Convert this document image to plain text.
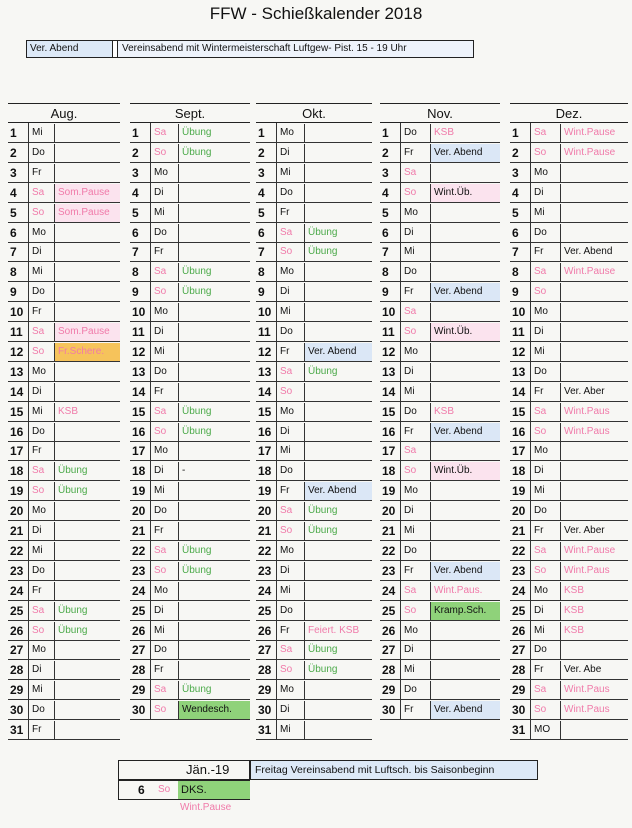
FFW - Schießkalender 2018
Ver. Abend	Vereinsabend mit Wintermeisterschaft Luftgew- Pist. 15 - 19 Uhr
Aug.
1	Mi
2	Do
3	Fr
4	Sa	Som.Pause
5	So	Som.Pause
6	Mo
7	Di
8	Mi
9	Do
10 Fr
11 Sa	Som.Pause
12 So	Fr.Schere.
13 Mo
14 Di
15 Mi	KSB
16 Do
17 Fr
18 Sa	Übung
19 So	Übung
20 Mo
21 Di
22 Mi
23 Do
24 Fr
25 Sa	Übung
26 So	Übung
27 Mo
28 Di
29 Mi
30 Do
31 Fr
Sept.
1	Sa	Übung
2	So	Übung
3	Mo
4	Di
5	Mi
6	Do
7	Fr
8	Sa	Übung
9	So	Übung
10 Mo
11 Di
12 Mi
13 Do
14 Fr
15 Sa	Übung
16 So	Übung
17 Mo
18 Di	-
19 Mi
20 Do
21 Fr
22 Sa	Übung
23 So	Übung
24 Mo
25 Di
26 Mi
27 Do
28 Fr
29 Sa	Übung
30 So	Wendesch.
Okt.
1	Mo
2	Di
3	Mi
4	Do
5	Fr
6	Sa	Übung
7	So	Übung
8	Mo
9	Di
10 Mi
11 Do
12 Fr	Ver. Abend
13 Sa	Übung
14 So
15 Mo
16 Di
17 Mi
18 Do
19 Fr	Ver. Abend
20 Sa	Übung
21 So	Übung
22 Mo
23 Di
24 Mi
25 Do
26 Fr	Feiert. KSB
27 Sa	Übung
28 So	Übung
29 Mo
30 Di
31 Mi
Nov.
1	Do	KSB
2	Fr	Ver. Abend
3	Sa
4	So	Wint.Üb.
5	Mo
6	Di
7	Mi
8	Do
9	Fr	Ver. Abend
10 Sa
11 So	Wint.Üb.
12 Mo
13 Di
14 Mi
15 Do	KSB
16 Fr	Ver. Abend
17 Sa
18 So	Wint.Üb.
19 Mo
20 Di
21 Mi
22 Do
23 Fr	Ver. Abend
24 Sa	Wint.Paus.
25 So	Kramp.Sch.
26 Mo
27 Di
28 Mi
29 Do
30 Fr	Ver. Abend
Dez.
1	Sa	Wint.Pause
2	So	Wint.Pause
3	Mo
4	Di
5	Mi
6	Do
7	Fr	Ver. Abend
8	Sa	Wint.Pause
9	So
10 Mo
11 Di
12 Mi
13 Do
14 Fr	Ver. Aber
15 Sa	Wint.Paus
16 So	Wint.Paus
17 Mo
18 Di
19 Mi
20 Do
21 Fr	Ver. Aber
22 Sa	Wint.Pause
23 So	Wint.Paus
24 Mo	KSB
25 Di	KSB
26 Mi	KSB
27 Do
28 Fr	Ver. Abe
29 Sa	Wint.Paus
30 So	Wint.Paus
31 MO
Jän.-19 Freitag Vereinsabend mit Luftsch. bis Saisonbeginn
6 So DKS.
Wint.Pause
